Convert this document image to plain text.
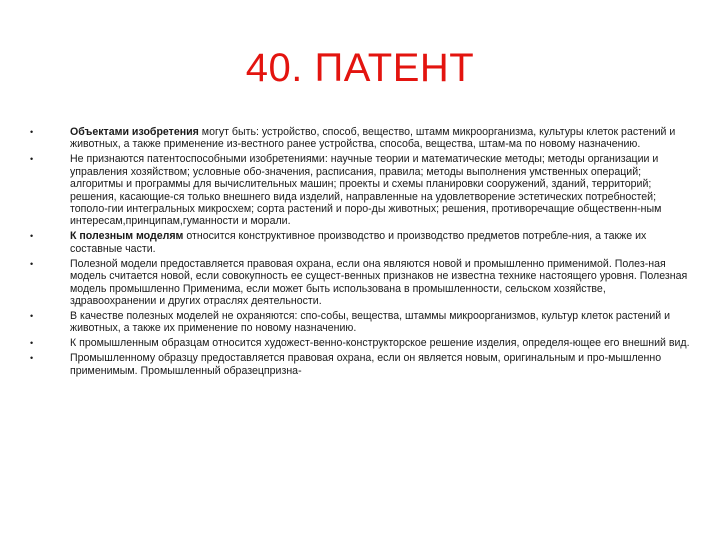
40. ПАТЕНТ
•	Объектами изобретения могут быть: устройство, способ, вещество, штамм микроорганизма, культуры клеток растений и животных, а также применение из-вестного ранее устройства, способа, вещества, штам-ма по новому назначению.
•	Не признаются патентоспособными изобретениями: научные теории и математические методы; методы организации и управления хозяйством; условные обо-значения, расписания, правила; методы выполнения умственных операций; алгоритмы и программы для вычислительных машин; проекты и схемы планировки сооружений, зданий, территорий; решения, касающие-ся только внешнего вида изделий, направленные на удовлетворение эстетических потребностей; тополо-гии интегральных микросхем; сорта растений и поро-ды животных; решения, противоречащие общественн-ным интересам,принципам,гуманности и морали.
•	К полезным моделям относится конструктивное производство и производство предметов потребле-ния, а также их составные части.
•	Полезной модели предоставляется правовая охрана, если она являются новой и промышленно применимой. Полез-ная модель считается новой, если совокупность ее сущест-венных признаков не известна технике настоящего уровня. Полезная модель промышленно Применима, если может быть использована в промышленности, сельском хозяйстве, здравоохранении и других отраслях деятельности.
•	В качестве полезных моделей не охраняются: спо-собы, вещества, штаммы микроорганизмов, культур клеток растений и животных, а также их применение по новому назначению.
•	К промышленным образцам относится художест-венно-конструкторское решение изделия, определя-ющее его внешний вид.
•	Промышленному образцу предоставляется правовая охрана, если он является новым, оригинальным и про-мышленно применимым. Промышленный образецпризна-
